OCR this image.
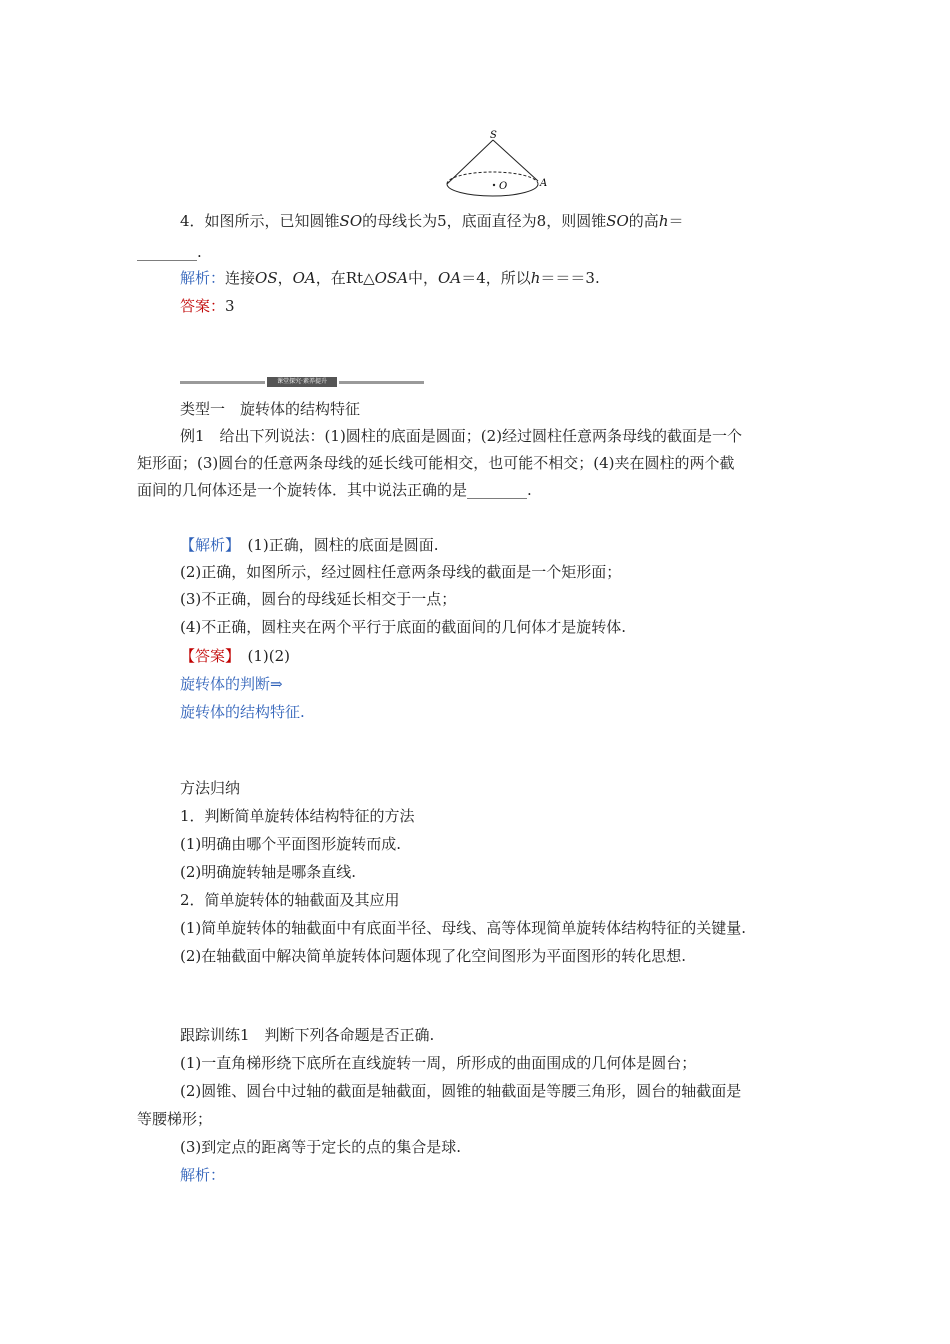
S
O	A
4．如图所示，已知圆锥SO的母线长为5，底面直径为8，则圆锥SO的高h＝
________.
解析：连接OS，OA，在Rt△OSA中，OA＝4，所以h＝＝＝3.
答案：3
课堂探究·素养提升
类型一　旋转体的结构特征
例1　给出下列说法：(1)圆柱的底面是圆面；(2)经过圆柱任意两条母线的截面是一个
矩形面；(3)圆台的任意两条母线的延长线可能相交，也可能不相交；(4)夹在圆柱的两个截
面间的几何体还是一个旋转体．其中说法正确的是________.
【解析】　(1)正确，圆柱的底面是圆面.
(2)正确，如图所示，经过圆柱任意两条母线的截面是一个矩形面；
(3)不正确，圆台的母线延长相交于一点；
(4)不正确，圆柱夹在两个平行于底面的截面间的几何体才是旋转体.
【答案】　(1)(2)
旋转体的判断⇒
旋转体的结构特征.
方法归纳
1．判断简单旋转体结构特征的方法
(1)明确由哪个平面图形旋转而成.
(2)明确旋转轴是哪条直线.
2．简单旋转体的轴截面及其应用
(1)简单旋转体的轴截面中有底面半径、母线、高等体现简单旋转体结构特征的关键量.
(2)在轴截面中解决简单旋转体问题体现了化空间图形为平面图形的转化思想.
跟踪训练1　判断下列各命题是否正确.
(1)一直角梯形绕下底所在直线旋转一周，所形成的曲面围成的几何体是圆台；
(2)圆锥、圆台中过轴的截面是轴截面，圆锥的轴截面是等腰三角形，圆台的轴截面是
等腰梯形；
(3)到定点的距离等于定长的点的集合是球.
解析：
